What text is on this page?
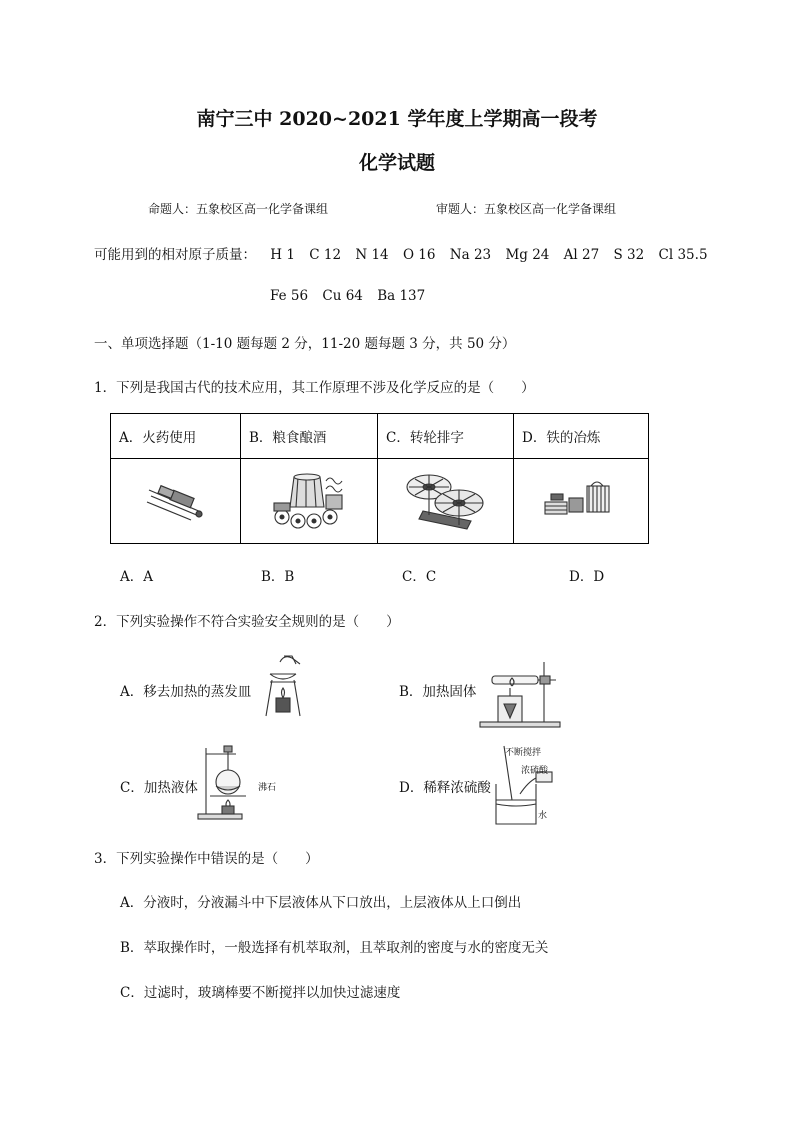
南宁三中 2020~2021 学年度上学期高一段考
化学试题
命题人：五象校区高一化学备课组	审题人：五象校区高一化学备课组
可能用到的相对原子质量： H 1 C 12 N 14 O 16 Na 23 Mg 24 Al 27 S 32 Cl 35.5
Fe 56 Cu 64 Ba 137
一、单项选择题（1-10 题每题 2 分，11-20 题每题 3 分，共 50 分）
1．下列是我国古代的技术应用，其工作原理不涉及化学反应的是（　　）
A．火药使用	B．粮食酿酒	C．转轮排字	D．铁的冶炼

A．A	B．B	C．C	D．D
2．下列实验操作不符合实验安全规则的是（　　）
A．移去加热的蒸发皿	B．加热固体
C．加热液体	沸石	D．稀释浓硫酸
不断搅拌
浓硫酸
水
3．下列实验操作中错误的是（　　）
A．分液时，分液漏斗中下层液体从下口放出，上层液体从上口倒出
B．萃取操作时，一般选择有机萃取剂，且萃取剂的密度与水的密度无关
C．过滤时，玻璃棒要不断搅拌以加快过滤速度
